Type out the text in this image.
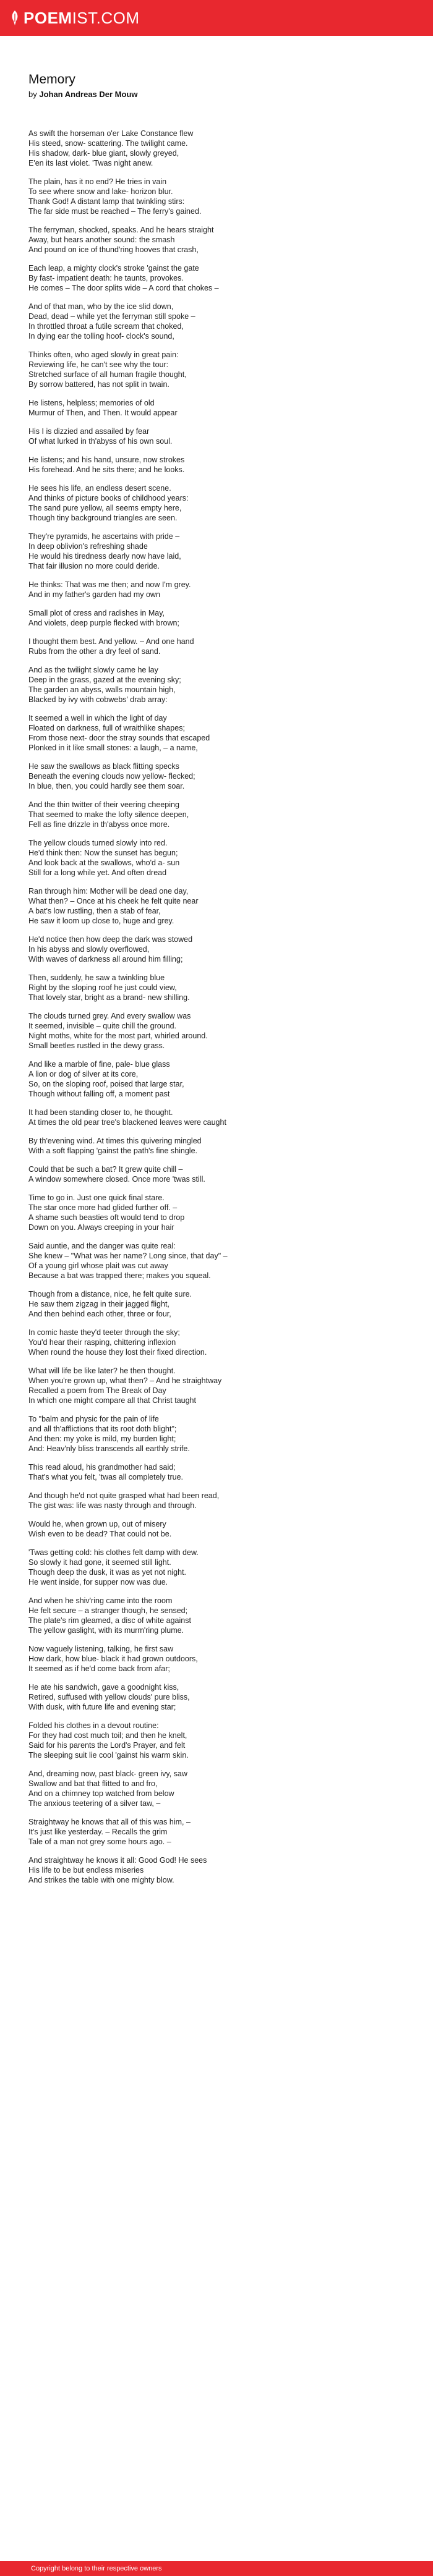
POEMIST.COM
Memory
by Johan Andreas Der Mouw

As swift the horseman o'er Lake Constance flew
His steed, snow- scattering. The twilight came.
His shadow, dark- blue giant, slowly greyed,
E'en its last violet. 'Twas night anew.

The plain, has it no end? He tries in vain
To see where snow and lake- horizon blur.
Thank God! A distant lamp that twinkling stirs:
The far side must be reached – The ferry's gained.

The ferryman, shocked, speaks. And he hears straight
Away, but hears another sound: the smash
And pound on ice of thund'ring hooves that crash,

Each leap, a mighty clock's stroke 'gainst the gate
By fast- impatient death: he taunts, provokes.
He comes – The door splits wide – A cord that chokes –

And of that man, who by the ice slid down,
Dead, dead – while yet the ferryman still spoke –
In throttled throat a futile scream that choked,
In dying ear the tolling hoof- clock's sound,

Thinks often, who aged slowly in great pain:
Reviewing life, he can't see why the tour:
Stretched surface of all human fragile thought,
By sorrow battered, has not split in twain.

He listens, helpless; memories of old
Murmur of Then, and Then. It would appear

His I is dizzied and assailed by fear
Of what lurked in th'abyss of his own soul.

He listens; and his hand, unsure, now strokes
His forehead. And he sits there; and he looks.

He sees his life, an endless desert scene.
And thinks of picture books of childhood years:
The sand pure yellow, all seems empty here,
Though tiny background triangles are seen.

They're pyramids, he ascertains with pride –
In deep oblivion's refreshing shade
He would his tiredness dearly now have laid,
That fair illusion no more could deride.

He thinks: That was me then; and now I'm grey.
And in my father's garden had my own

Small plot of cress and radishes in May,
And violets, deep purple flecked with brown;

I thought them best. And yellow. – And one hand
Rubs from the other a dry feel of sand.

And as the twilight slowly came he lay
Deep in the grass, gazed at the evening sky;
The garden an abyss, walls mountain high,
Blacked by ivy with cobwebs' drab array:

It seemed a well in which the light of day
Floated on darkness, full of wraithlike shapes;
From those next- door the stray sounds that escaped
Plonked in it like small stones: a laugh, – a name,

He saw the swallows as black flitting specks
Beneath the evening clouds now yellow- flecked;
In blue, then, you could hardly see them soar.

And the thin twitter of their veering cheeping
That seemed to make the lofty silence deepen,
Fell as fine drizzle in th'abyss once more.

The yellow clouds turned slowly into red.
He'd think then: Now the sunset has begun;
And look back at the swallows, who'd a- sun
Still for a long while yet. And often dread

Ran through him: Mother will be dead one day,
What then? – Once at his cheek he felt quite near
A bat's low rustling, then a stab of fear,
He saw it loom up close to, huge and grey.

He'd notice then how deep the dark was stowed
In his abyss and slowly overflowed,
With waves of darkness all around him filling;

Then, suddenly, he saw a twinkling blue
Right by the sloping roof he just could view,
That lovely star, bright as a brand- new shilling.

The clouds turned grey. And every swallow was
It seemed, invisible – quite chill the ground.
Night moths, white for the most part, whirled around.
Small beetles rustled in the dewy grass.

And like a marble of fine, pale- blue glass
A lion or dog of silver at its core,
So, on the sloping roof, poised that large star,
Though without falling off, a moment past

It had been standing closer to, he thought.
At times the old pear tree's blackened leaves were caught

By th'evening wind. At times this quivering mingled
With a soft flapping 'gainst the path's fine shingle.

Could that be such a bat? It grew quite chill –
A window somewhere closed. Once more 'twas still.

Time to go in. Just one quick final stare.
The star once more had glided further off. –
A shame such beasties oft would tend to drop
Down on you. Always creeping in your hair

Said auntie, and the danger was quite real:
She knew – "What was her name? Long since, that day" –
Of a young girl whose plait was cut away
Because a bat was trapped there; makes you squeal.

Though from a distance, nice, he felt quite sure.
He saw them zigzag in their jagged flight,
And then behind each other, three or four,

In comic haste they'd teeter through the sky;
You'd hear their rasping, chittering inflexion
When round the house they lost their fixed direction.

What will life be like later? he then thought.
When you're grown up, what then? – And he straightway
Recalled a poem from The Break of Day
In which one might compare all that Christ taught

To "balm and physic for the pain of life
and all th'afflictions that its root doth blight";
And then: my yoke is mild, my burden light;
And: Heav'nly bliss transcends all earthly strife.

This read aloud, his grandmother had said;
That's what you felt, 'twas all completely true.

And though he'd not quite grasped what had been read,
The gist was: life was nasty through and through.

Would he, when grown up, out of misery
Wish even to be dead? That could not be.

'Twas getting cold: his clothes felt damp with dew.
So slowly it had gone, it seemed still light.
Though deep the dusk, it was as yet not night.
He went inside, for supper now was due.

And when he shiv'ring came into the room
He felt secure – a stranger though, he sensed;
The plate's rim gleamed, a disc of white against
The yellow gaslight, with its murm'ring plume.

Now vaguely listening, talking, he first saw
How dark, how blue- black it had grown outdoors,
It seemed as if he'd come back from afar;

He ate his sandwich, gave a goodnight kiss,
Retired, suffused with yellow clouds' pure bliss,
With dusk, with future life and evening star;

Folded his clothes in a devout routine:
For they had cost much toil; and then he knelt,
Said for his parents the Lord's Prayer, and felt
The sleeping suit lie cool 'gainst his warm skin.

And, dreaming now, past black- green ivy, saw
Swallow and bat that flitted to and fro,
And on a chimney top watched from below
The anxious teetering of a silver taw, –

Straightway he knows that all of this was him, –
It's just like yesterday. – Recalls the grim
Tale of a man not grey some hours ago. –

And straightway he knows it all: Good God! He sees
His life to be but endless miseries
And strikes the table with one mighty blow.

Copyright belong to their respective owners
